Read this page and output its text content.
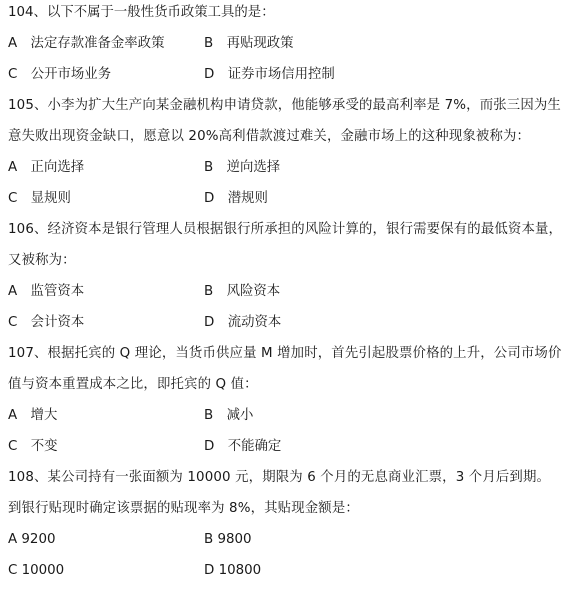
104、以下不属于一般性货币政策工具的是：

A　法定存款准备金率政策	B　再贴现政策
C　公开市场业务	D　证券市场信用控制

105、小李为扩大生产向某金融机构申请贷款，他能够承受的最高利率是 7%，而张三因为生意失败出现资金缺口，愿意以 20%高利借款渡过难关，金融市场上的这种现象被称为：

A　正向选择	B　逆向选择
C　显规则	D　潜规则

106、经济资本是银行管理人员根据银行所承担的风险计算的，银行需要保有的最低资本量，又被称为：

A　监管资本	B　风险资本
C　会计资本	D　流动资本

107、根据托宾的 Q 理论，当货币供应量 M 增加时，首先引起股票价格的上升，公司市场价值与资本重置成本之比，即托宾的 Q 值：

A　增大	B　减小
C　不变	D　不能确定

108、某公司持有一张面额为 10000 元，期限为 6 个月的无息商业汇票，3 个月后到期。到银行贴现时确定该票据的贴现率为 8%，其贴现金额是：

A 9200	B 9800
C 10000	D 10800
